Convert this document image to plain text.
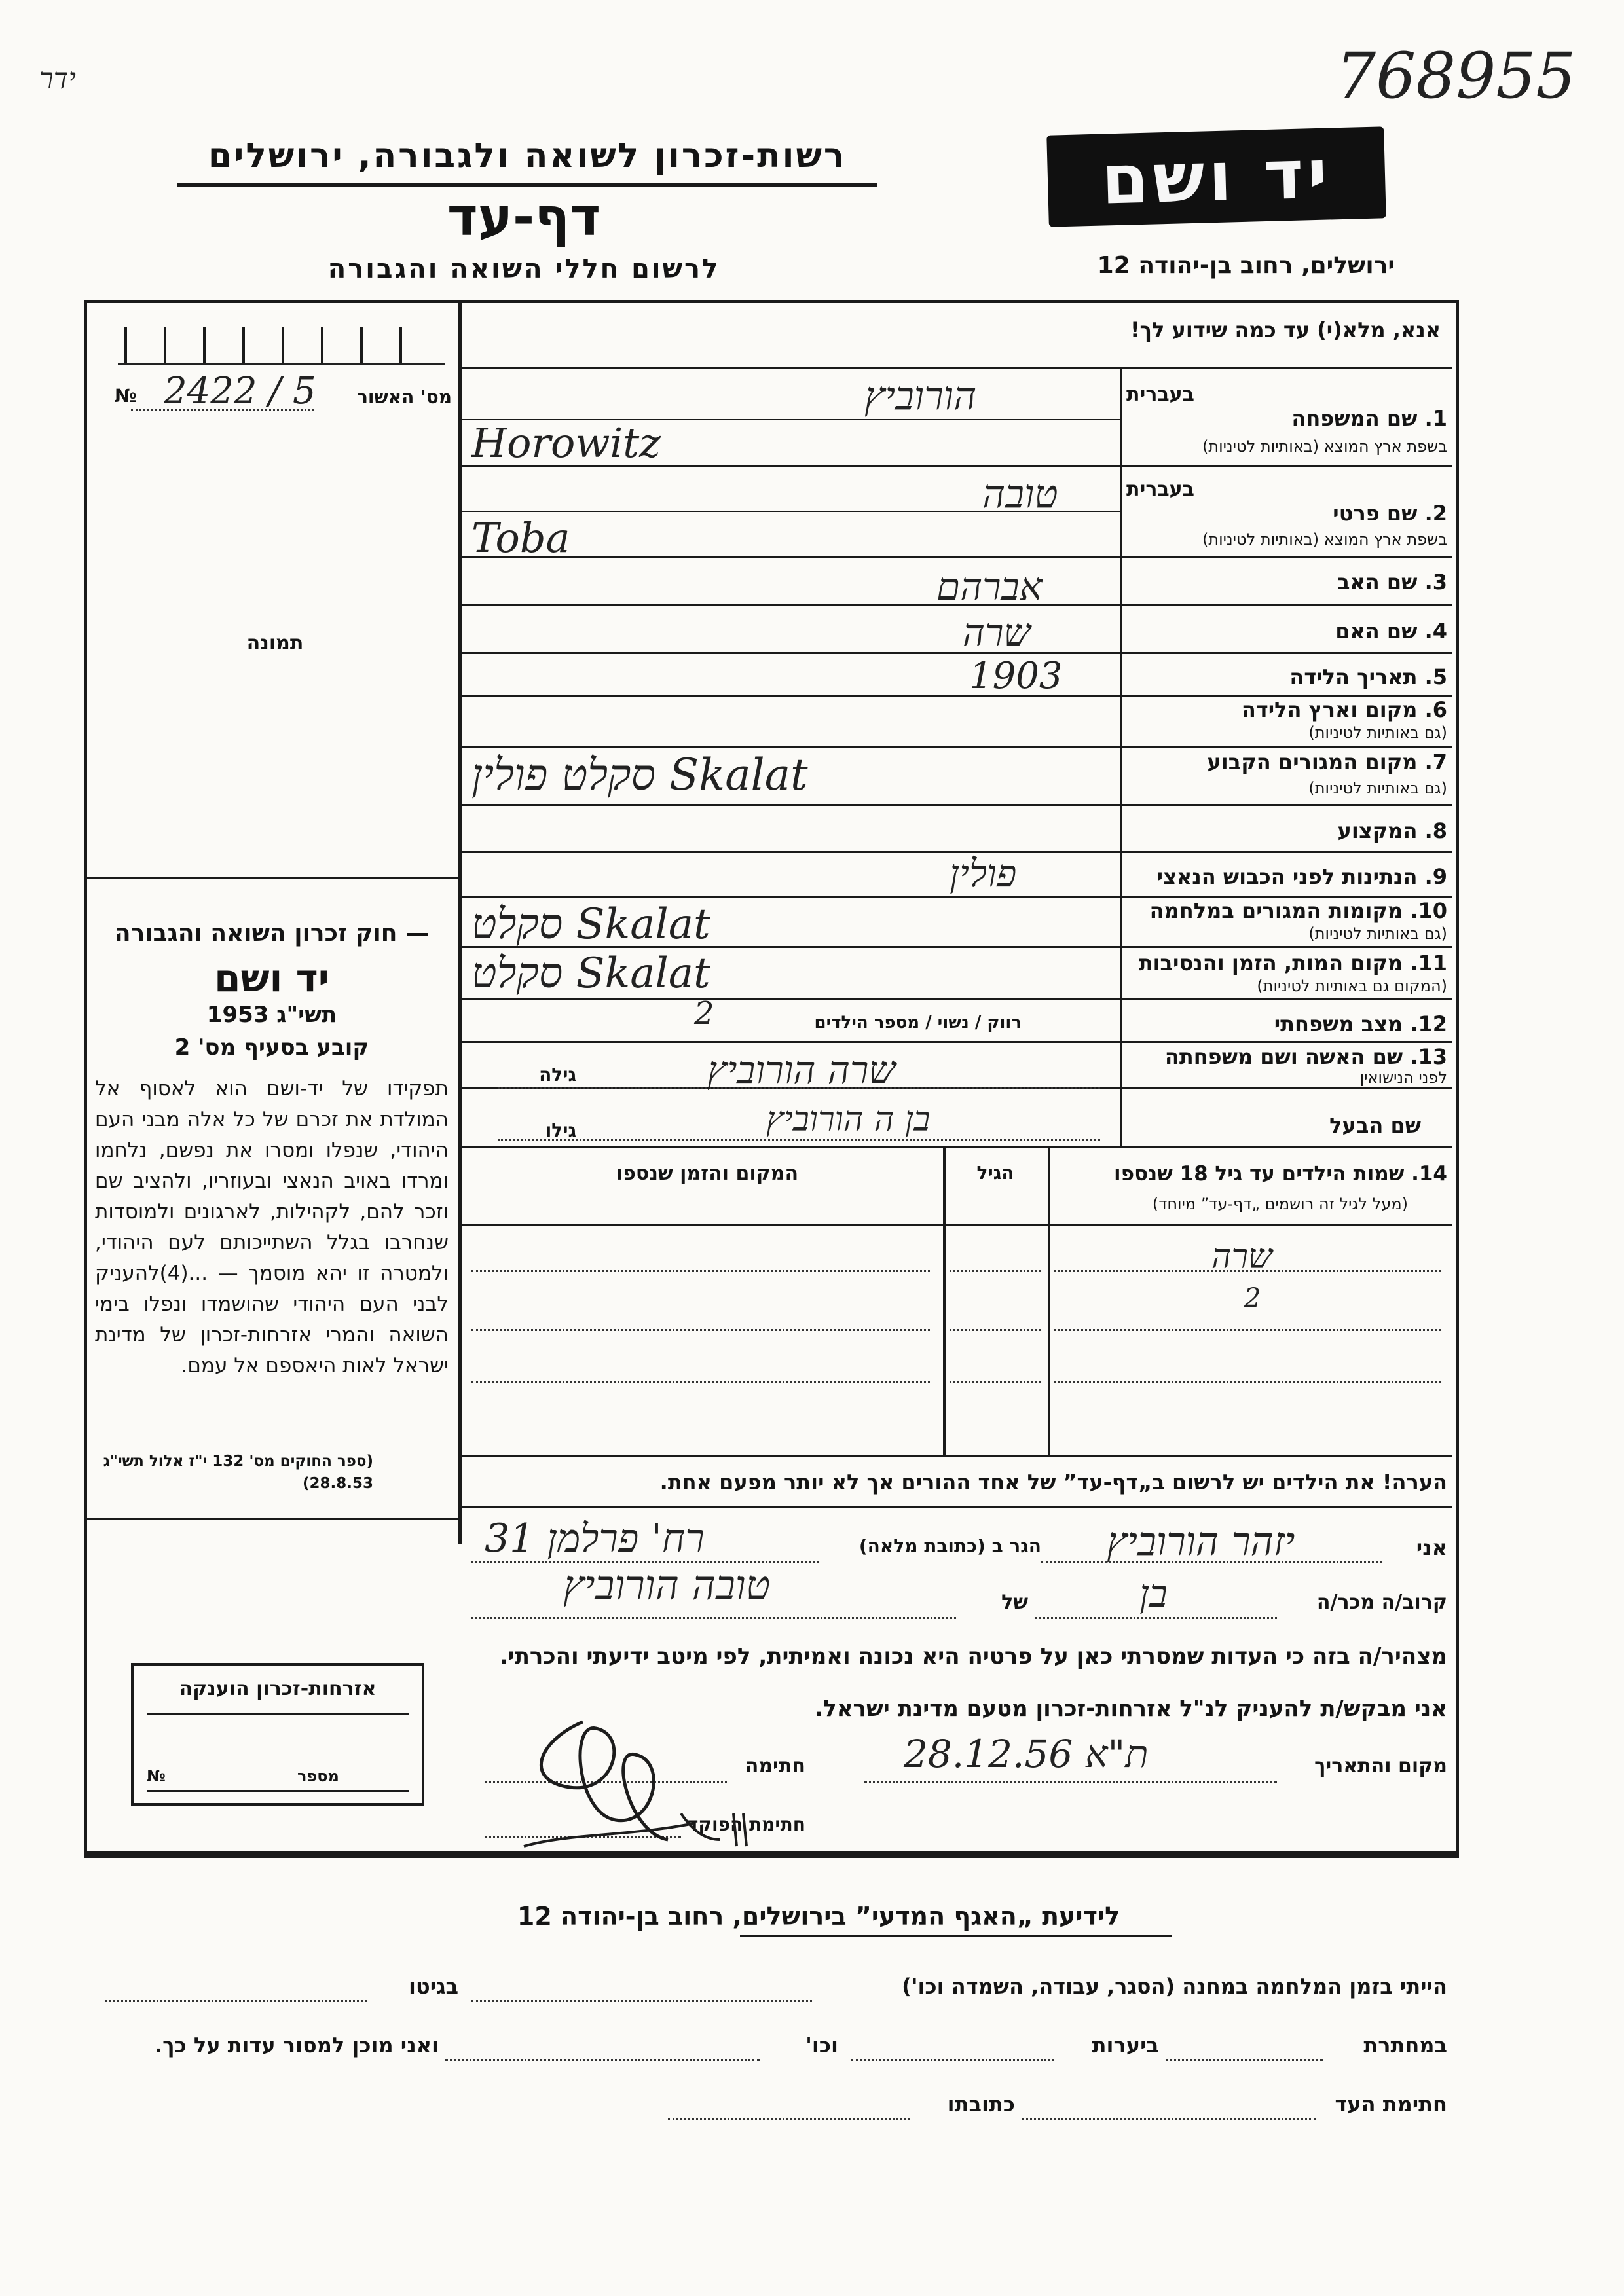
ידר	768955
רשות-זכרון לשואה ולגבורה, ירושלים
דף-עד
לרשום חללי השואה והגבורה
יד ושם
ירושלים, רחוב בן-יהודה 12
מס' האשור
2422 / 5
№
תמונה
— חוק זכרון השואה והגבורה
יד ושם
תשי"ג 1953
קובע בסעיף מס' 2
תפקידו של יד-ושם הוא לאסוף אל המולדת את זכרם של כל אלה מבני העם היהודי, שנפלו ומסרו את נפשם, נלחמו ומרדו באויב הנאצי ובעוזריו, ולהציב שם וזכר להם, לקהילות, לארגונים ולמוסדות שנחרבו בגלל השתייכותם לעם היהודי, ולמטרה זו יהא מוסמך — ...(4)להעניק לבני העם היהודי שהושמדו ונפלו בימי השואה והמרי אזרחות-זכרון של מדינת ישראל לאות היאספם אל עמם.
(ספר החוקים מס' 132 י"ז אלול תשי"ג 28.8.53)
אנא, מלא(י) עד כמה שידוע לך!
1. שם המשפחה
בעברית
בשפת ארץ המוצא (באותיות לטיניות)
2. שם פרטי
בעברית
בשפת ארץ המוצא (באותיות לטיניות)
3. שם האב
4. שם האם
5. תאריך הלידה
6. מקום וארץ הלידה
(גם באותיות לטיניות)
7. מקום המגורים הקבוע
(גם באותיות לטיניות)
8. המקצוע
9. הנתינות לפני הכבוש הנאצי
10. מקומות המגורים במלחמה
(גם באותיות לטיניות)
11. מקום המות, הזמן והנסיבות
(המקום גם באותיות לטיניות)
12. מצב משפחתי
13. שם האשה ושם משפחתה
לפני הנישואין
שם הבעל
רווק / נשוי / מספר הילדים
גילה
גילו
הורוביץ
Horowitz
טובה
Toba
אברהם
שרה
1903
סקלט פולין Skalat
פולין
סקלט Skalat
סקלט Skalat
2
שרה הורוביץ
בן ה הורוביץ
14. שמות הילדים עד גיל 18 שנספו
(מעל לגיל זה רושמים „דף-עד” מיוחד)
הגיל
המקום והזמן שנספו
שרה
2
הערה! את הילדים יש לרשום ב„דף-עד” של אחד ההורים אך לא יותר מפעם אחת.
אני
יזהר הורוביץ
הגר ב (כתובת מלאה)
רח' פרלמן 31
קרוב/ה מכר/ה
בן
של
טובה הורוביץ
מצהיר/ה בזה כי העדות שמסרתי כאן על פרטיה היא נכונה ואמיתית, לפי מיטב ידיעתי והכרתי.
אני מבקש/ת להעניק לנ"ל אזרחות-זכרון מטעם מדינת ישראל.
מקום והתאריך
ת"א 28.12.56
חתימה
חתימת הפוקד
אזרחות-זכרון הוענקה
מספר
№
לידיעת „האגף המדעי” בירושלים, רחוב בן-יהודה 12
הייתי בזמן המלחמה במחנה (הסגר, עבודה, השמדה וכו')
בגיטו
במחתרת
ביערות
וכו'
ואני מוכן למסור עדות על כך.
חתימת העד
כתובתו
